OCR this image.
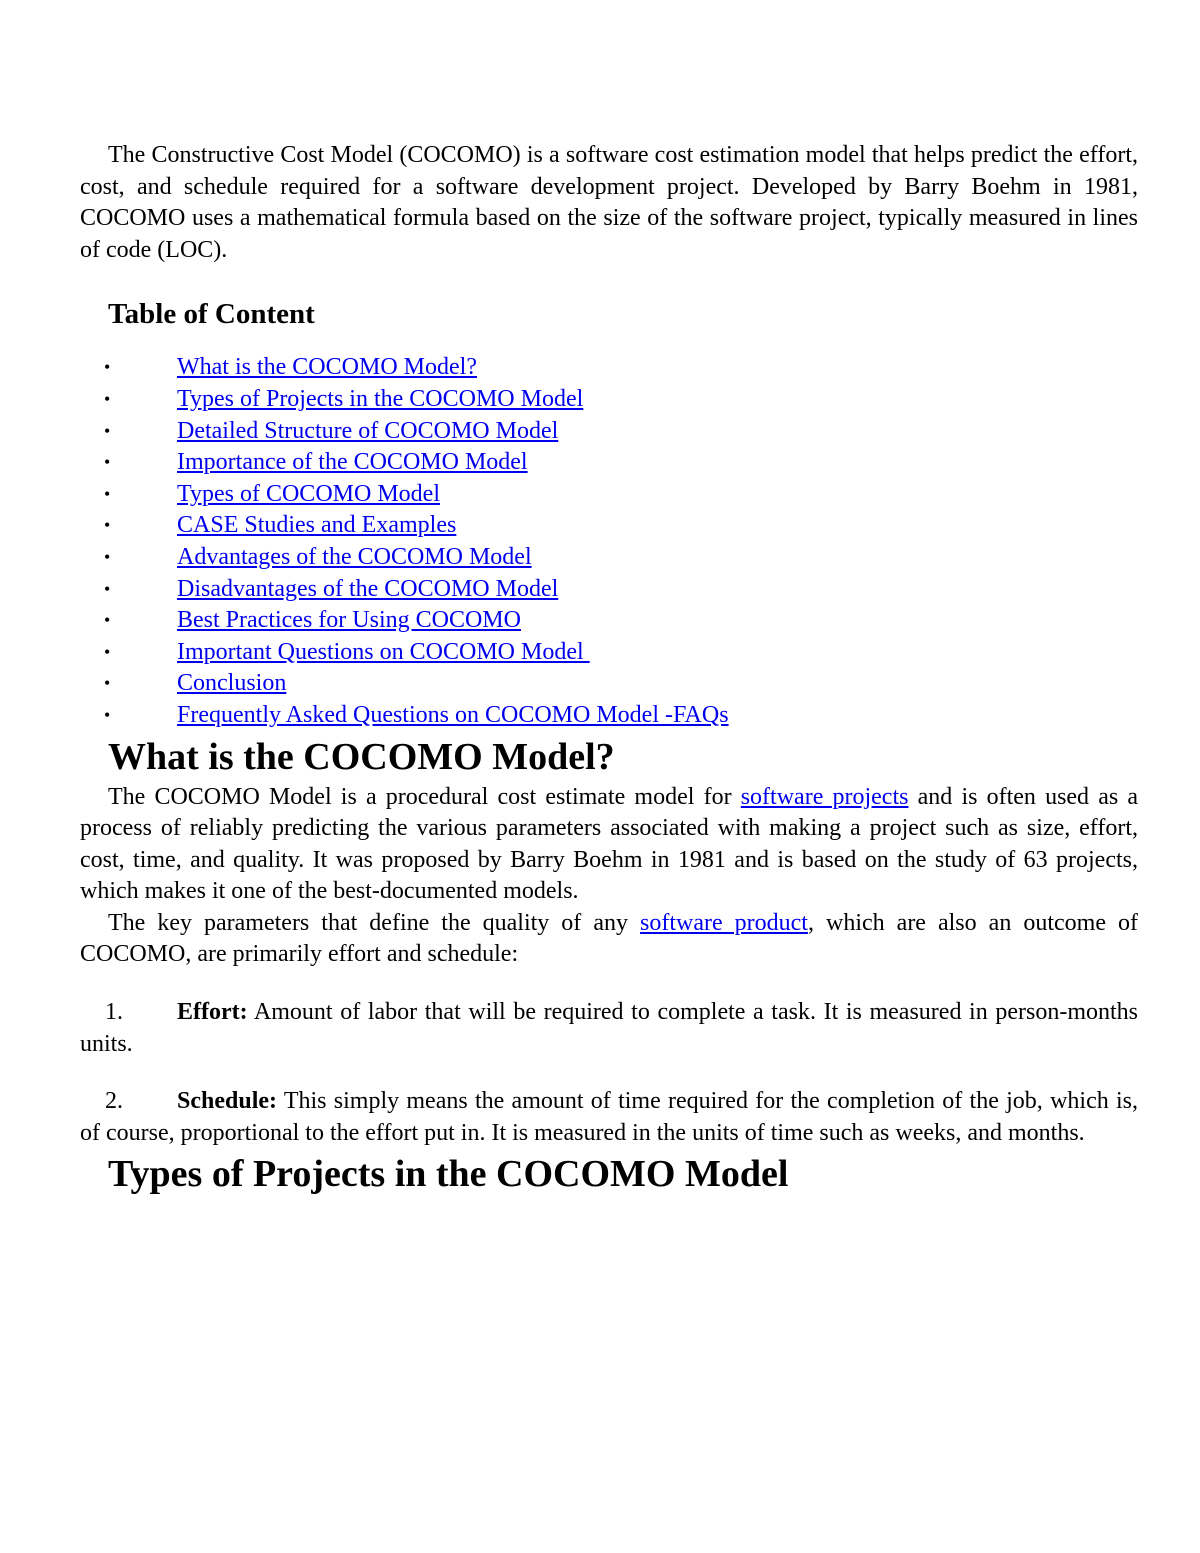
The Constructive Cost Model (COCOMO) is a software cost estimation model that helps predict the effort, cost, and schedule required for a software development project. Developed by Barry Boehm in 1981, COCOMO uses a mathematical formula based on the size of the software project, typically measured in lines of code (LOC).

Table of Content
•	What is the COCOMO Model?
•	Types of Projects in the COCOMO Model
•	Detailed Structure of COCOMO Model
•	Importance of the COCOMO Model
•	Types of COCOMO Model
•	CASE Studies and Examples
•	Advantages of the COCOMO Model
•	Disadvantages of the COCOMO Model
•	Best Practices for Using COCOMO
•	Important Questions on COCOMO Model
•	Conclusion
•	Frequently Asked Questions on COCOMO Model -FAQs
What is the COCOMO Model?

The COCOMO Model is a procedural cost estimate model for software projects and is often used as a process of reliably predicting the various parameters associated with making a project such as size, effort, cost, time, and quality. It was proposed by Barry Boehm in 1981 and is based on the study of 63 projects, which makes it one of the best-documented models.

The key parameters that define the quality of any software product, which are also an outcome of COCOMO, are primarily effort and schedule:

1. Effort: Amount of labor that will be required to complete a task. It is measured in person-months units.
2. Schedule: This simply means the amount of time required for the completion of the job, which is, of course, proportional to the effort put in. It is measured in the units of time such as weeks, and months.
Types of Projects in the COCOMO Model
